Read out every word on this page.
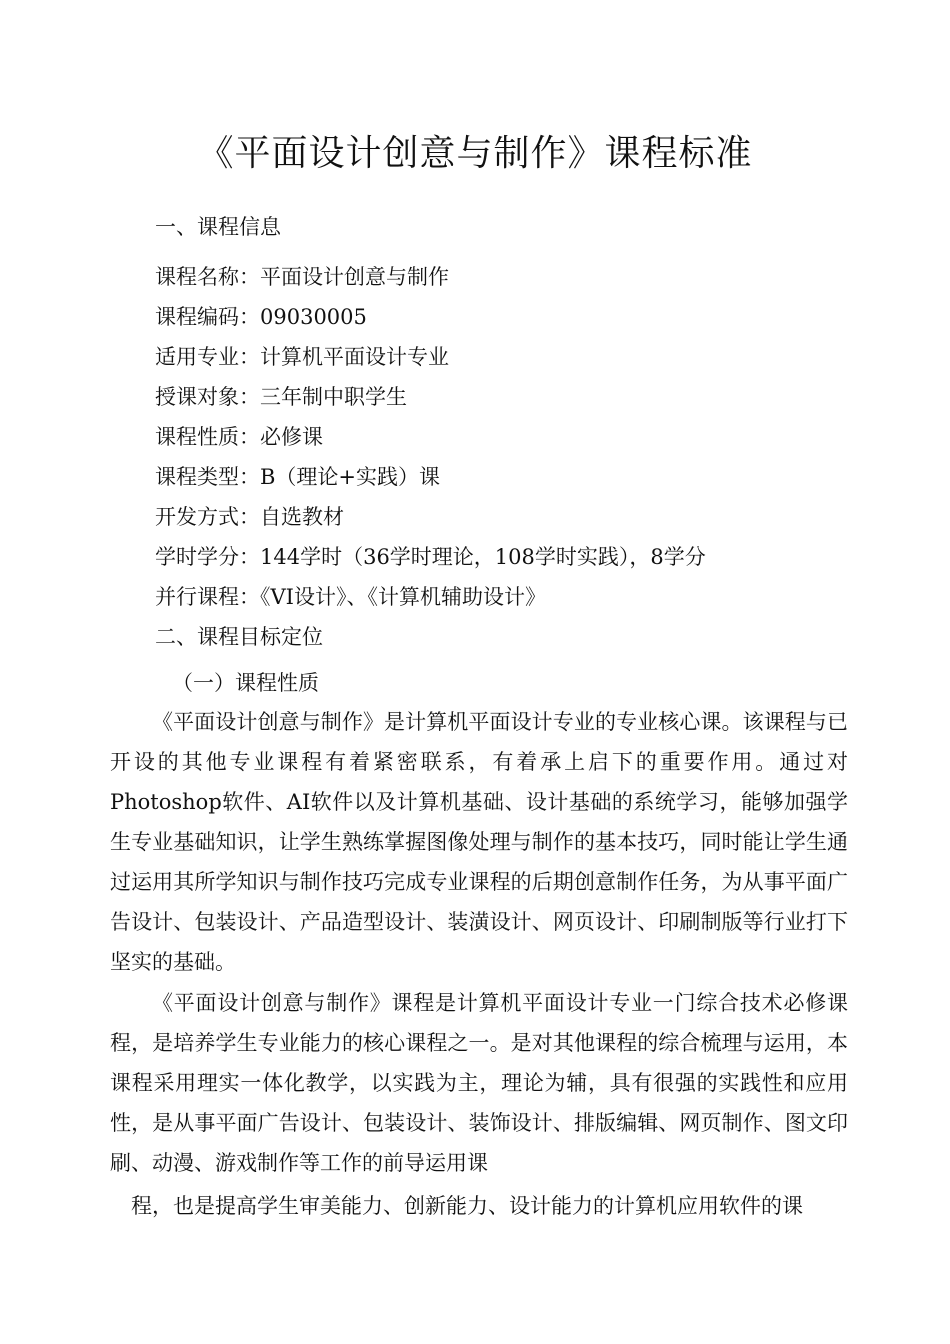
《平面设计创意与制作》课程标准
一、课程信息
课程名称：平面设计创意与制作
课程编码：09030005
适用专业：计算机平面设计专业
授课对象：三年制中职学生
课程性质：必修课
课程类型：B（理论+实践）课
开发方式：自选教材
学时学分：144学时（36学时理论，108学时实践），8学分
并行课程：《VI设计》、《计算机辅助设计》
二、课程目标定位
（一）课程性质

《平面设计创意与制作》是计算机平面设计专业的专业核心课。该课程与已开设的其他专业课程有着紧密联系，有着承上启下的重要作用。通过对Photoshop软件、AI软件以及计算机基础、设计基础的系统学习，能够加强学生专业基础知识，让学生熟练掌握图像处理与制作的基本技巧，同时能让学生通过运用其所学知识与制作技巧完成专业课程的后期创意制作任务，为从事平面广告设计、包装设计、产品造型设计、装潢设计、网页设计、印刷制版等行业打下坚实的基础。

《平面设计创意与制作》课程是计算机平面设计专业一门综合技术必修课程，是培养学生专业能力的核心课程之一。是对其他课程的综合梳理与运用，本课程采用理实一体化教学，以实践为主，理论为辅，具有很强的实践性和应用性，是从事平面广告设计、包装设计、装饰设计、排版编辑、网页制作、图文印刷、动漫、游戏制作等工作的前导运用课

程，也是提高学生审美能力、创新能力、设计能力的计算机应用软件的课
